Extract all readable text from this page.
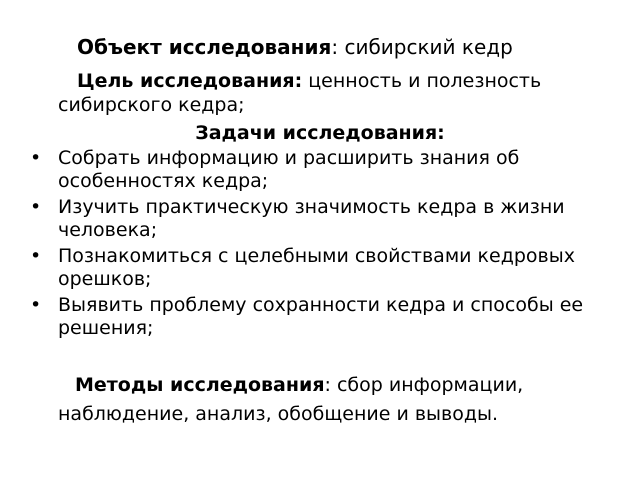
Объект исследования: сибирский кедр
Цель исследования: ценность и полезность
сибирского кедра;
Задачи исследования:
• Собрать информацию и расширить знания об
особенностях кедра;
• Изучить практическую значимость кедра в жизни
человека;
• Познакомиться с целебными свойствами кедровых
орешков;
• Выявить проблему сохранности кедра и способы ее
решения;
Методы исследования: сбор информации,
наблюдение, анализ, обобщение и выводы.
